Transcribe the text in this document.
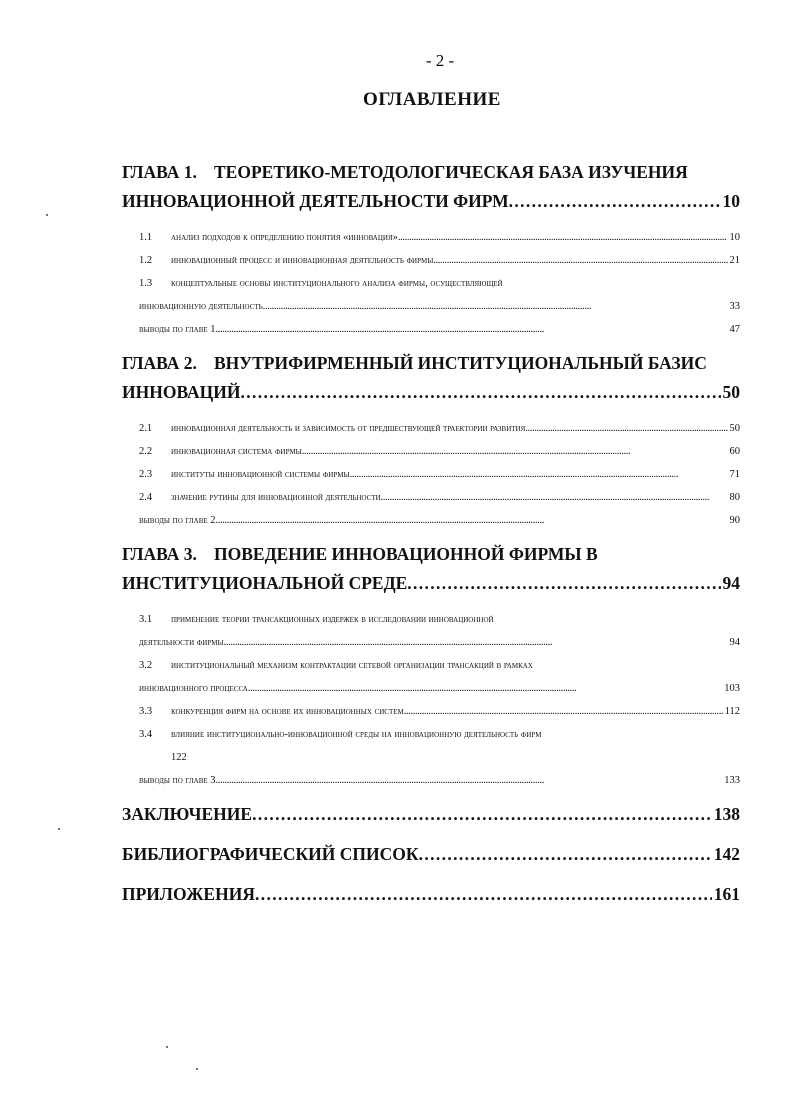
- 2 -
ОГЛАВЛЕНИЕ
ГЛАВА 1. ТЕОРЕТИКО-МЕТОДОЛОГИЧЕСКАЯ БАЗА ИЗУЧЕНИЯ
ИННОВАЦИОННОЙ ДЕЯТЕЛЬНОСТИ ФИРМ . . .	10
1.1 анализ подходов к определению понятия «инновация» . . .	10
1.2 инновационный процесс и инновационная деятельность фирмы . . .	21
1.3 концептуальные основы институционального анализа фирмы, осуществляющей
инновационную деятельность . . .	33
выводы по главе 1 . . .	47
ГЛАВА 2. ВНУТРИФИРМЕННЫЙ ИНСТИТУЦИОНАЛЬНЫЙ БАЗИС
ИННОВАЦИЙ . . .	50
2.1 инновационная деятельность и зависимость от предшествующей траектории развития . . .	50
2.2 инновационная система фирмы . . .	60
2.3 институты инновационной системы фирмы . . .	71
2.4 значение рутины для инновационной деятельности . . .	80
выводы по главе 2 . . .	90
ГЛАВА 3. ПОВЕДЕНИЕ ИННОВАЦИОННОЙ ФИРМЫ В
ИНСТИТУЦИОНАЛЬНОЙ СРЕДЕ . . .	94
3.1 применение теории трансакционных издержек в исследовании инновационной
деятельности фирмы . . .	94
3.2 институциональный механизм контрактации сетевой организации трансакций в рамках
инновационного процесса . . .	103
3.3 конкуренция фирм на основе их инновационных систем . . .	112
3.4 влияние институционально-инновационной среды на инновационную деятельность фирм
122
выводы по главе 3 . . .	133
ЗАКЛЮЧЕНИЕ . . .	138
БИБЛИОГРАФИЧЕСКИЙ СПИСОК . . .	142
ПРИЛОЖЕНИЯ . . .	161
